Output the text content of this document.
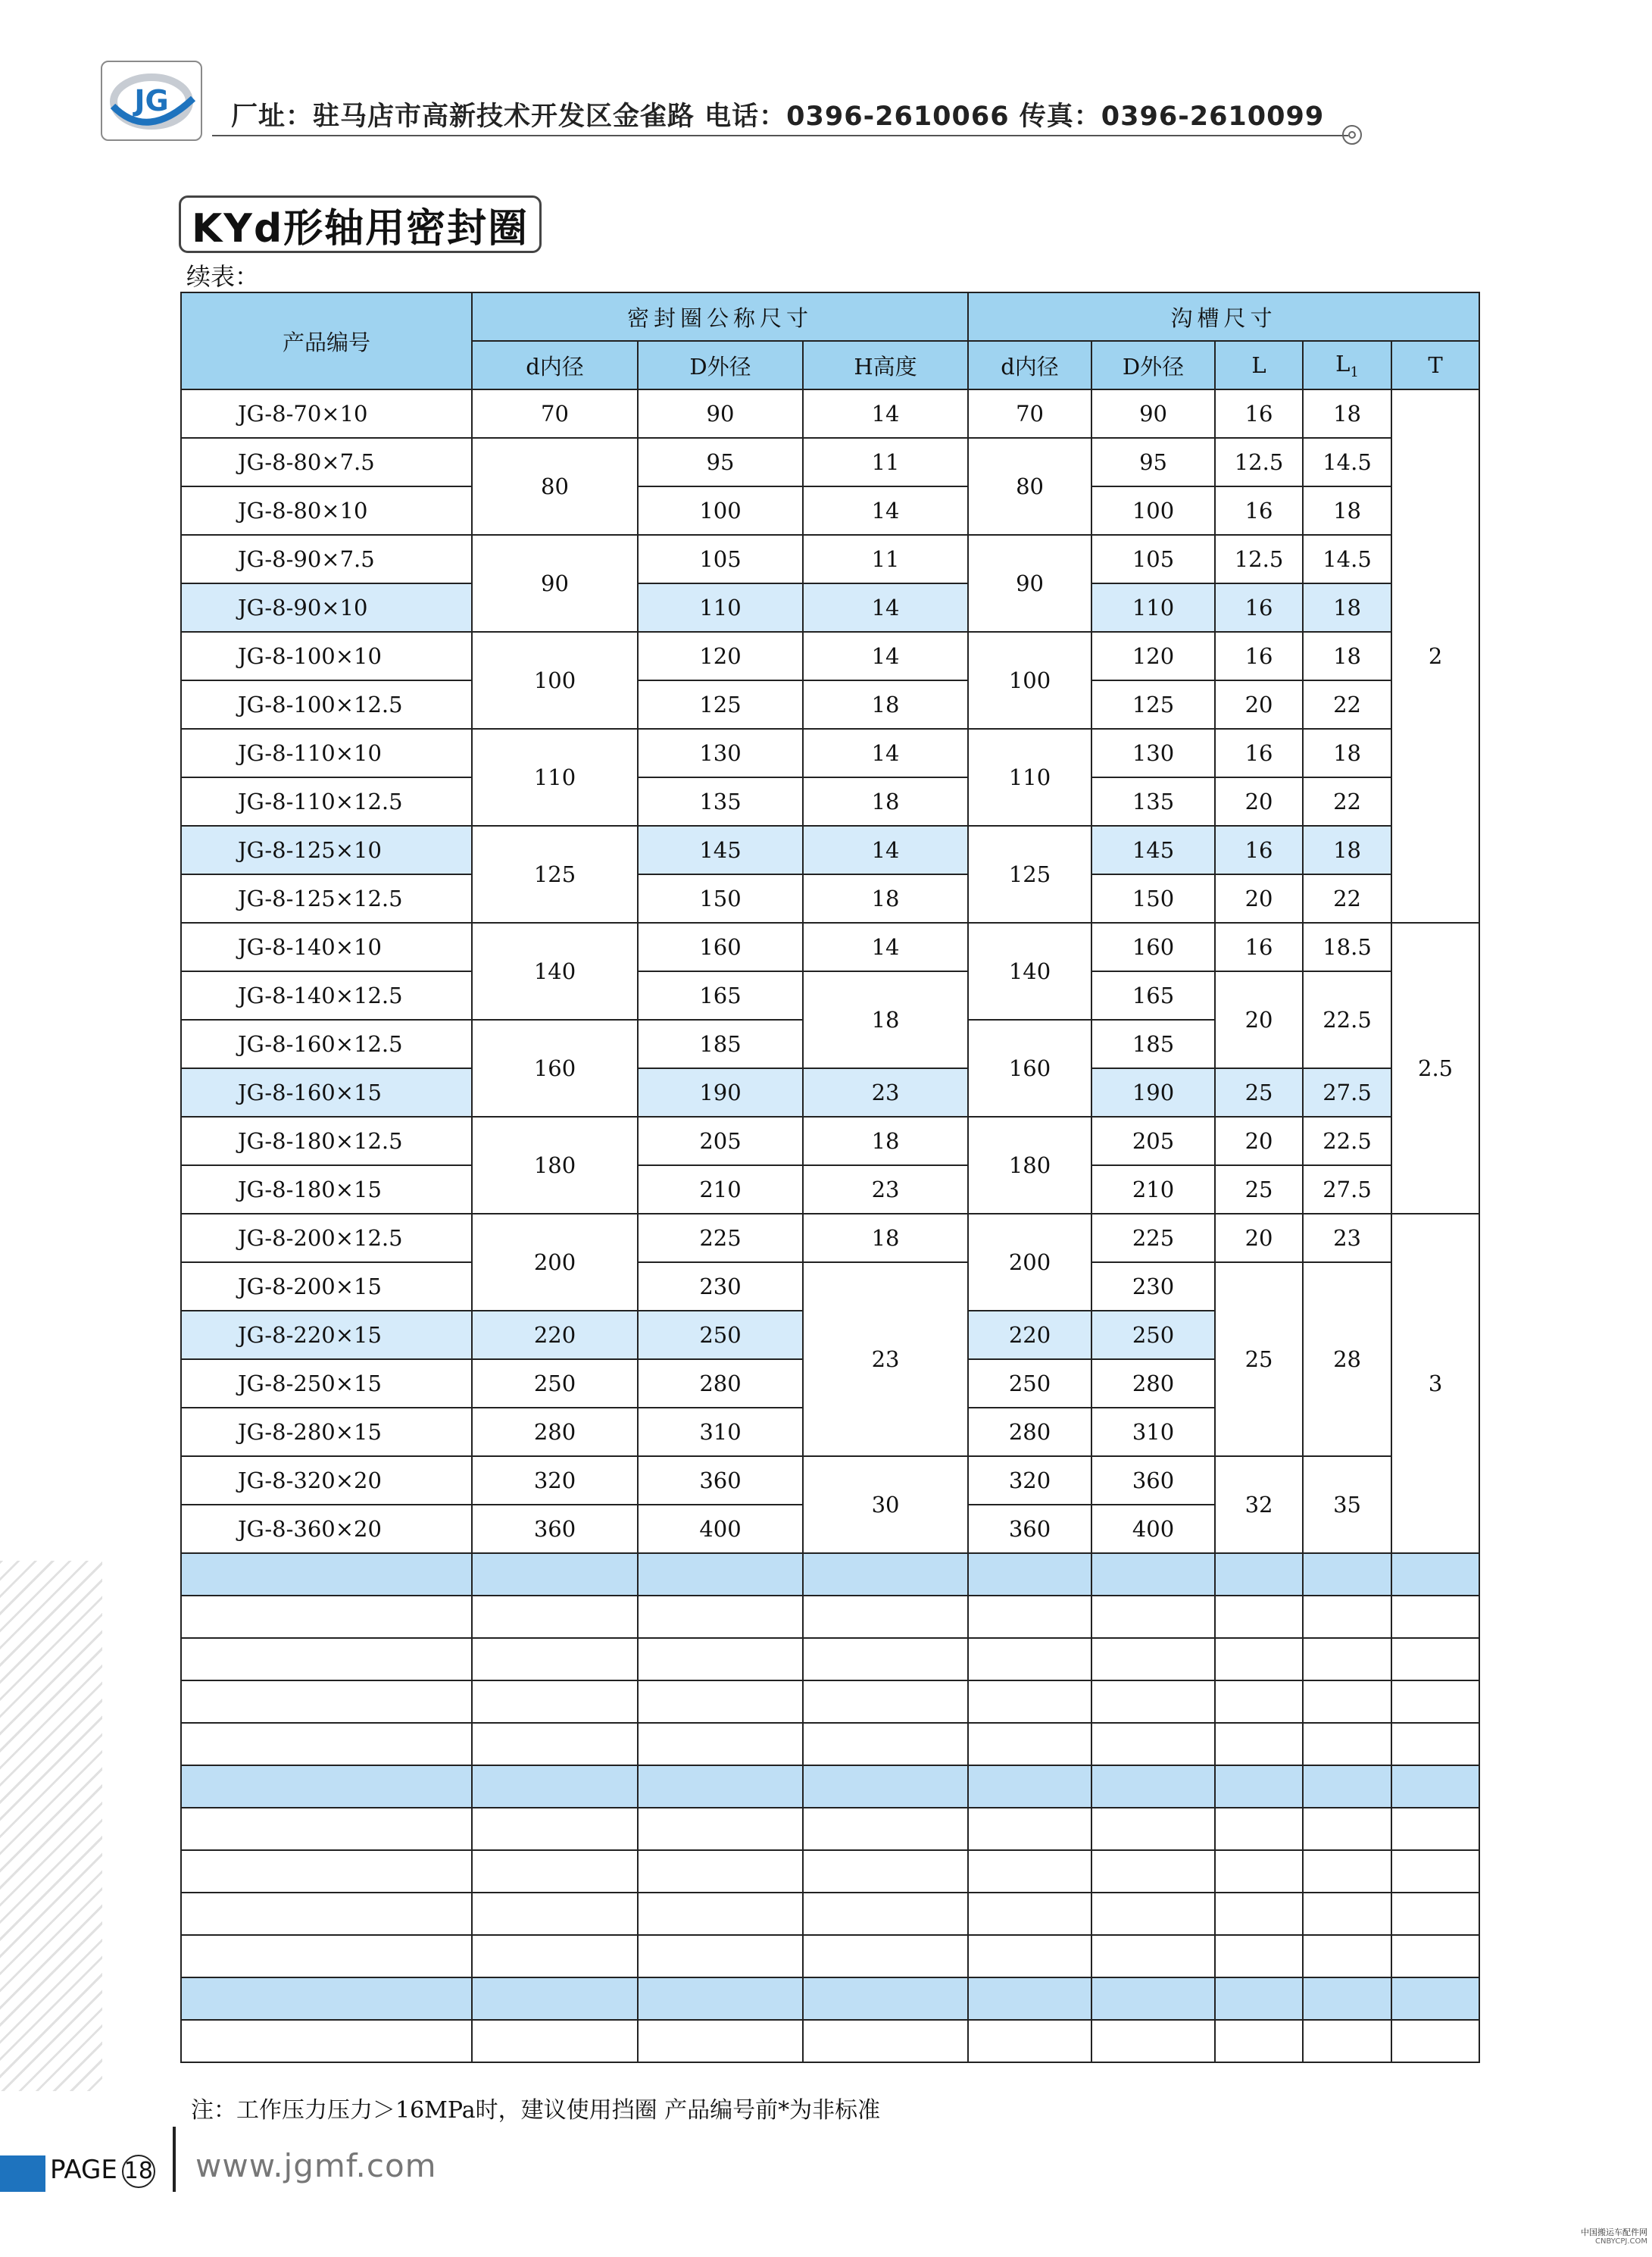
JG 厂址：驻马店市高新技术开发区金雀路 电话：0396-2610066 传真：0396-2610099
KYd形轴用密封圈
续表：
产品编号	密封圈公称尺寸			沟槽尺寸				
	d内径	D外径	H高度	d内径	D外径	L	$L_1$	T
JG-8-70×10	70	90	14	70	90	16	18	2
JG-8-80×7.5	80	95	11	80	95	12.5	14.5	
JG-8-80×10		100	14		100	16	18	
JG-8-90×7.5	90	105	11	90	105	12.5	14.5	
JG-8-90×10		110	14		110	16	18	
JG-8-100×10	100	120	14	100	120	16	18	
JG-8-100×12.5		125	18		125	20	22	
JG-8-110×10	110	130	14	110	130	16	18	
JG-8-110×12.5		135	18		135	20	22	
JG-8-125×10	125	145	14	125	145	16	18	
JG-8-125×12.5		150	18		150	20	22	
JG-8-140×10	140	160	14	140	160	16	18.5	2.5
JG-8-140×12.5		165	18		165	20	22.5	
JG-8-160×12.5	160	185		160	185			
JG-8-160×15		190	23		190	25	27.5	
JG-8-180×12.5	180	205	18	180	205	20	22.5	
JG-8-180×15		210	23		210	25	27.5	
JG-8-200×12.5	200	225	18	200	225	20	23	3
JG-8-200×15		230	23		230	25	28	
JG-8-220×15	220	250		220	250			
JG-8-250×15	250	280		250	280			
JG-8-280×15	280	310		280	310			
JG-8-320×20	320	360	30	320	360	32	35	
JG-8-360×20	360	400		360	400			

注：工作压力压力＞16MPa时，建议使用挡圈 产品编号前*为非标准
PAGE 18 www.jgmf.com
中国搬运车配件网
CNBYCPJ.COM
